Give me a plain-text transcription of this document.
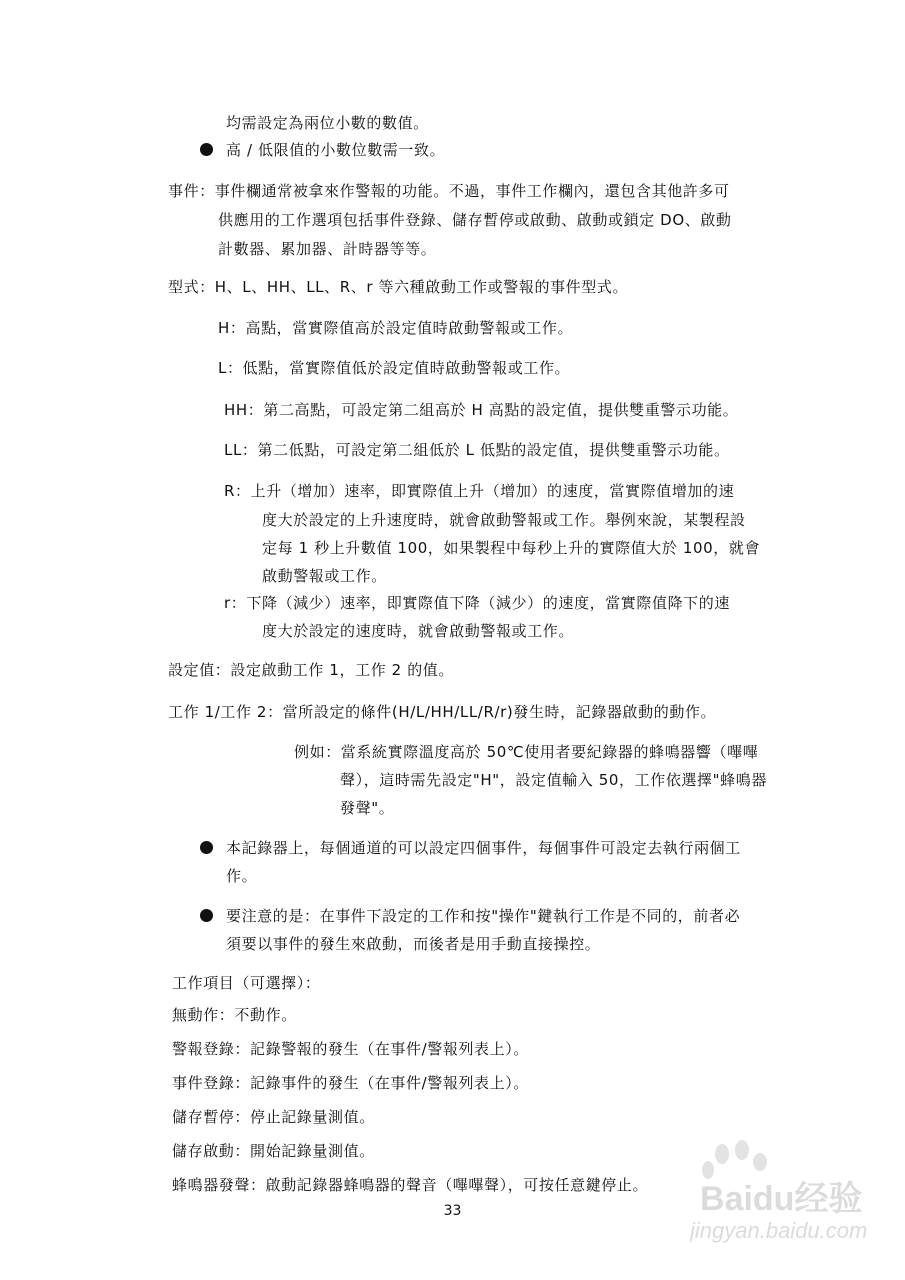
均需設定為兩位小數的數值。
高 / 低限值的小數位數需一致。
事件：事件欄通常被拿來作警報的功能。不過，事件工作欄內，還包含其他許多可
供應用的工作選項包括事件登錄、儲存暫停或啟動、啟動或鎖定 DO、啟動
計數器、累加器、計時器等等。
型式：H、L、HH、LL、R、r 等六種啟動工作或警報的事件型式。
H：高點，當實際值高於設定值時啟動警報或工作。
L：低點，當實際值低於設定值時啟動警報或工作。
HH：第二高點，可設定第二組高於 H 高點的設定值，提供雙重警示功能。
LL：第二低點，可設定第二組低於 L 低點的設定值，提供雙重警示功能。
R：上升（增加）速率，即實際值上升（增加）的速度，當實際值增加的速
度大於設定的上升速度時，就會啟動警報或工作。舉例來說，某製程設
定每 1 秒上升數值 100，如果製程中每秒上升的實際值大於 100，就會
啟動警報或工作。
r：下降（減少）速率，即實際值下降（減少）的速度，當實際值降下的速
度大於設定的速度時，就會啟動警報或工作。
設定值：設定啟動工作 1，工作 2 的值。
工作 1/工作 2：當所設定的條件(H/L/HH/LL/R/r)發生時，記錄器啟動的動作。
例如：當系統實際溫度高於 50℃使用者要紀錄器的蜂鳴器響（嗶嗶
聲），這時需先設定"H"，設定值輸入 50，工作依選擇"蜂鳴器
發聲"。
本記錄器上，每個通道的可以設定四個事件，每個事件可設定去執行兩個工
作。
要注意的是：在事件下設定的工作和按"操作"鍵執行工作是不同的，前者必
須要以事件的發生來啟動，而後者是用手動直接操控。
工作項目（可選擇）：
無動作：不動作。
警報登錄：記錄警報的發生（在事件/警報列表上）。
事件登錄：記錄事件的發生（在事件/警報列表上）。
儲存暫停：停止記錄量測值。
儲存啟動：開始記錄量測值。
蜂鳴器發聲：啟動記錄器蜂鳴器的聲音（嗶嗶聲），可按任意鍵停止。
33	Baidu经验
jingyan.baidu.com
